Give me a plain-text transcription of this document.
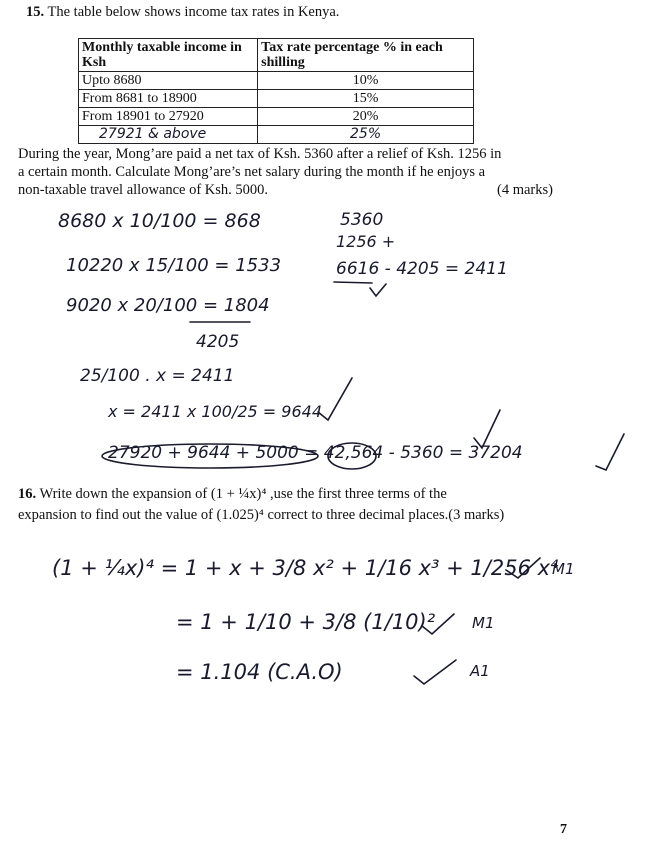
15. The table below shows income tax rates in Kenya.
Monthly taxable income in Ksh	Tax rate percentage % in each shilling
Upto 8680	10%
From 8681 to 18900	15%
From 18901 to 27920	20%
27921 & above	25%
During the year, Mong’are paid a net tax of Ksh. 5360 after a relief of Ksh. 1256 in
a certain month. Calculate Mong’are’s net salary during the month if he enjoys a
non-taxable travel allowance of Ksh. 5000.	(4 marks)
8680 x 10/100 = 868
10220 x 15/100 = 1533
9020 x 20/100 = 1804
4205
5360
1256 +
6616 - 4205 = 2411
25/100 . x = 2411
x = 2411 x 100/25 = 9644
27920 + 9644 + 5000 = 42,564 - 5360 = 37204
16. Write down the expansion of (1 + ¼x)⁴ ,use the first three terms of the
expansion to find out the value of (1.025)⁴ correct to three decimal places.(3 marks)
(1 + ¼x)⁴ = 1 + x + 3/8 x² + 1/16 x³ + 1/256 x⁴
= 1 + 1/10 + 3/8 (1/10)²
= 1.104 (C.A.O)
M1
M1
A1
7
